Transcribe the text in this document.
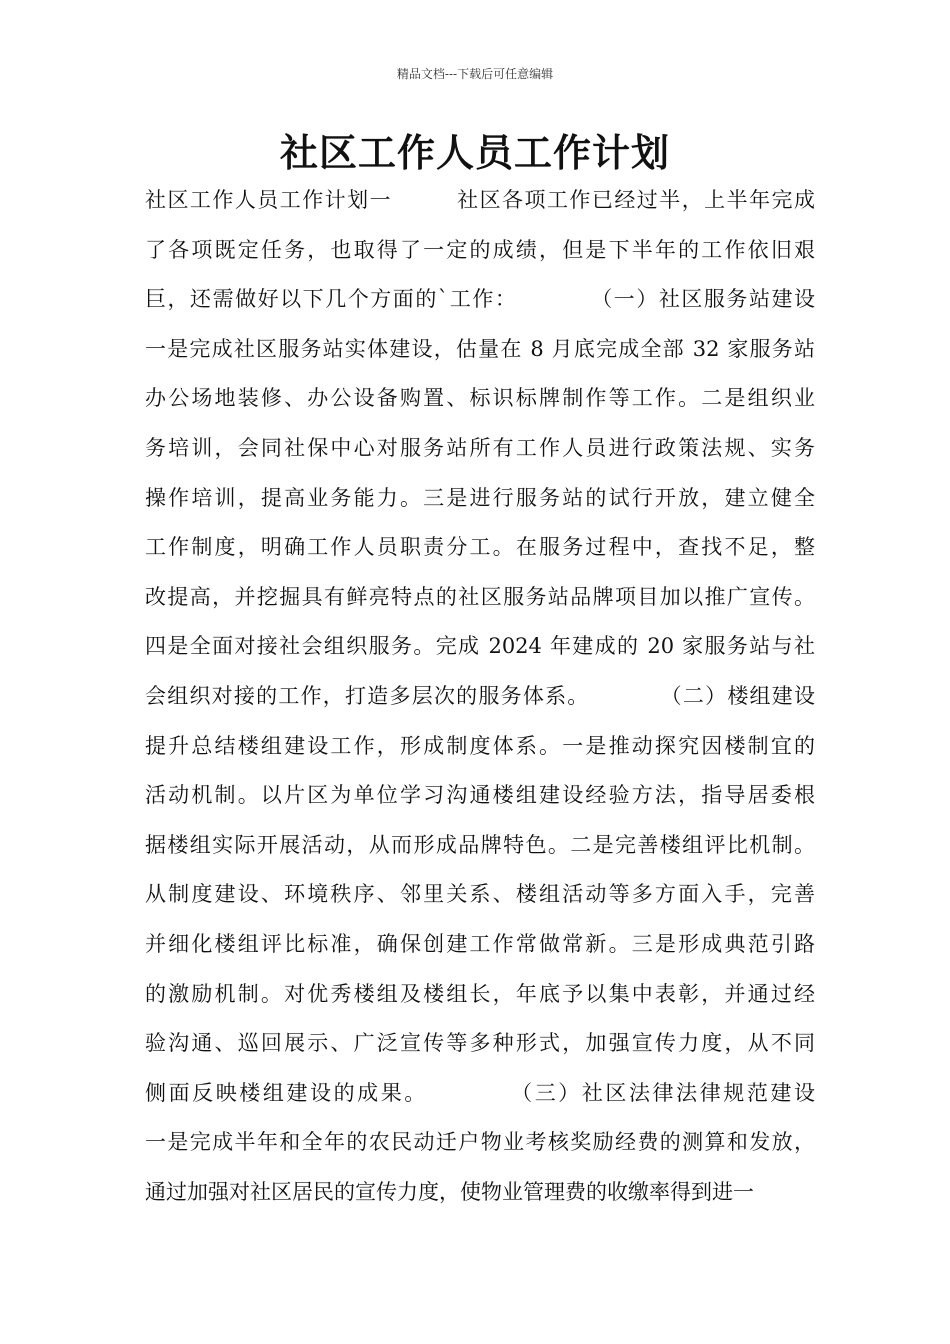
精品文档---下载后可任意编辑
社区工作人员工作计划
社区工作人员工作计划一        社区各项工作已经过半，上半年完成
了各项既定任务，也取得了一定的成绩，但是下半年的工作依旧艰
巨，还需做好以下几个方面的`工作：         （一）社区服务站建设
一是完成社区服务站实体建设，估量在 8 月底完成全部 32 家服务站
办公场地装修、办公设备购置、标识标牌制作等工作。二是组织业
务培训，会同社保中心对服务站所有工作人员进行政策法规、实务
操作培训，提高业务能力。三是进行服务站的试行开放，建立健全
工作制度，明确工作人员职责分工。在服务过程中，查找不足，整
改提高，并挖掘具有鲜亮特点的社区服务站品牌项目加以推广宣传。
四是全面对接社会组织服务。完成 2024 年建成的 20 家服务站与社
会组织对接的工作，打造多层次的服务体系。         （二）楼组建设
提升总结楼组建设工作，形成制度体系。一是推动探究因楼制宜的
活动机制。以片区为单位学习沟通楼组建设经验方法，指导居委根
据楼组实际开展活动，从而形成品牌特色。二是完善楼组评比机制。
从制度建设、环境秩序、邻里关系、楼组活动等多方面入手，完善
并细化楼组评比标准，确保创建工作常做常新。三是形成典范引路
的激励机制。对优秀楼组及楼组长，年底予以集中表彰，并通过经
验沟通、巡回展示、广泛宣传等多种形式，加强宣传力度，从不同
侧面反映楼组建设的成果。         （三）社区法律法律规范建设
一是完成半年和全年的农民动迁户物业考核奖励经费的测算和发放，
通过加强对社区居民的宣传力度，使物业管理费的收缴率得到进一
